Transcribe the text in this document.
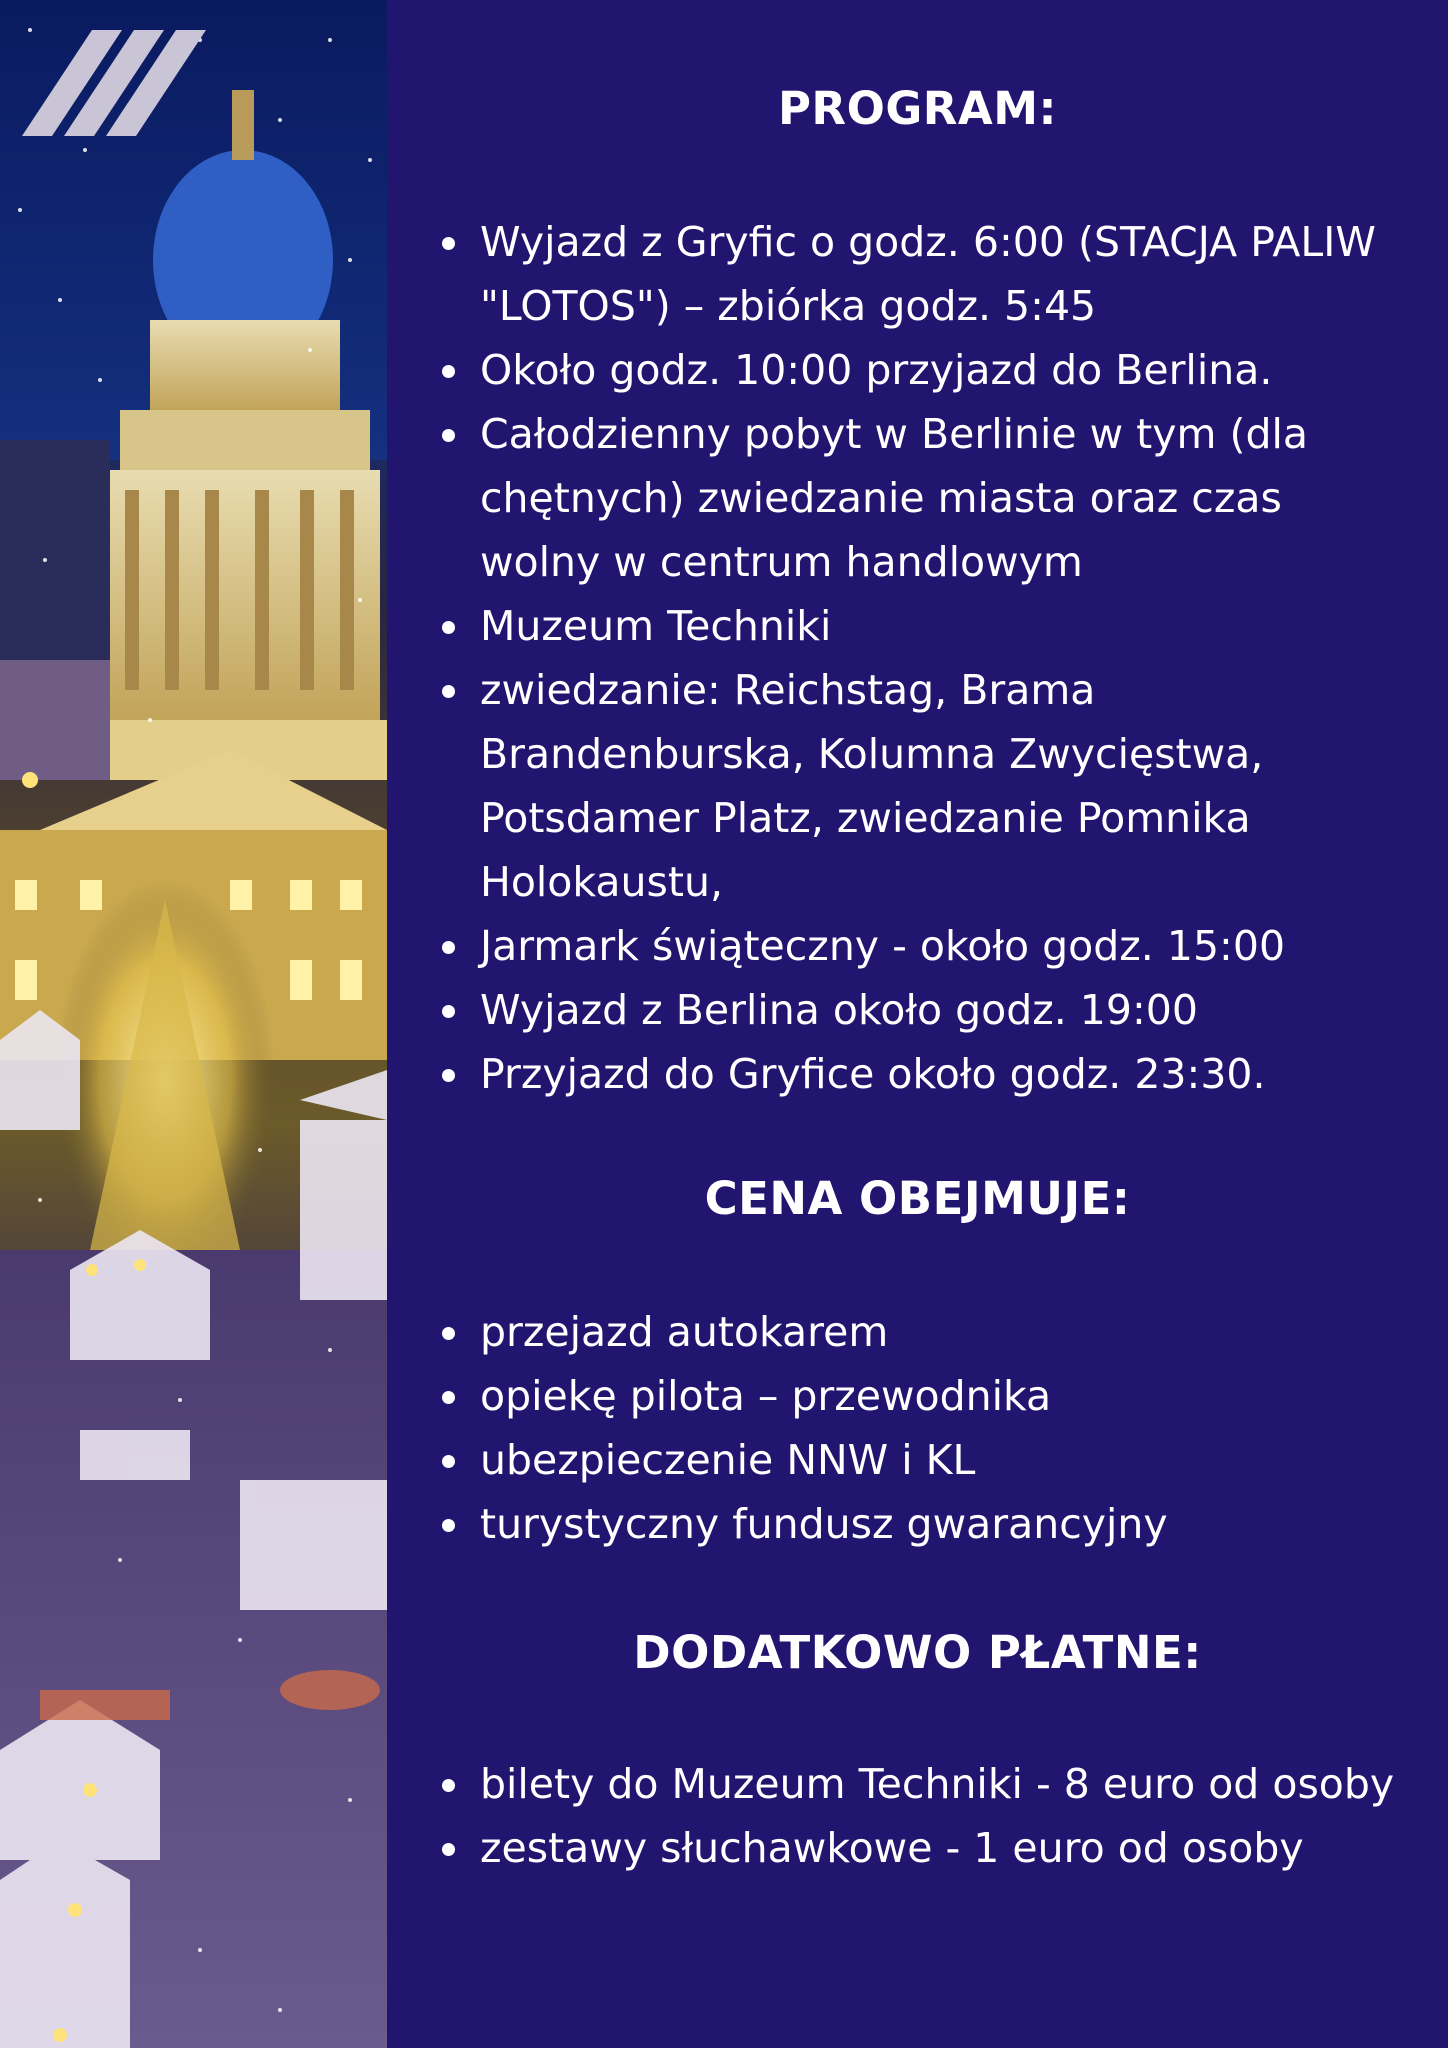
PROGRAM:
Wyjazd z Gryfic o godz. 6:00 (STACJA PALIW "LOTOS") – zbiórka godz. 5:45
Około godz. 10:00 przyjazd do Berlina.
Całodzienny pobyt w Berlinie w tym (dla chętnych) zwiedzanie miasta oraz czas wolny w centrum handlowym
Muzeum Techniki
zwiedzanie: Reichstag, Brama Brandenburska, Kolumna Zwycięstwa, Potsdamer Platz, zwiedzanie Pomnika Holokaustu,
Jarmark świąteczny - około godz. 15:00
Wyjazd z Berlina około godz. 19:00
Przyjazd do Gryfice około godz. 23:30.
CENA OBEJMUJE:
przejazd autokarem
opiekę pilota – przewodnika
ubezpieczenie NNW i KL
turystyczny fundusz gwarancyjny
DODATKOWO PŁATNE:
bilety do Muzeum Techniki - 8 euro od osoby
zestawy słuchawkowe - 1 euro od osoby
